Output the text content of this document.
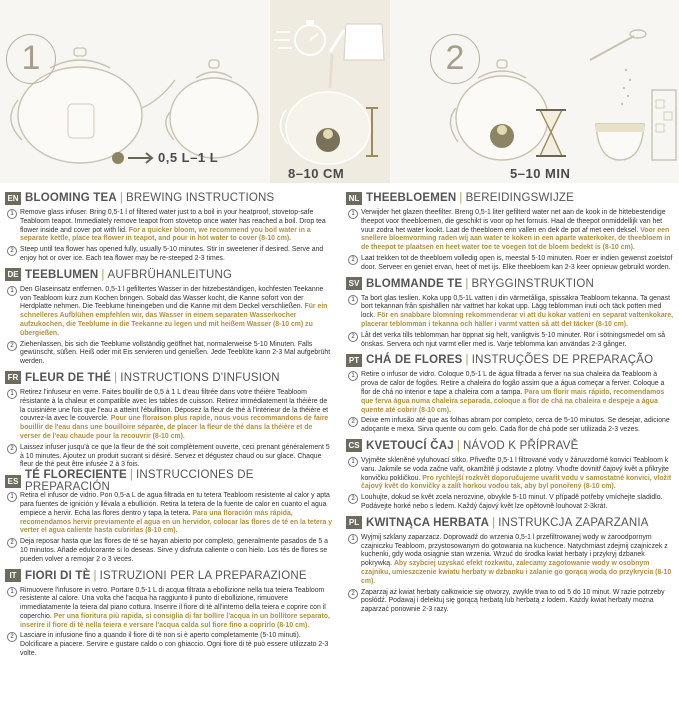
1
0,5 L–1 L
8–10 CM
2
5–10 MIN
EN BLOOMING TEA | BREWING INSTRUCTIONS
1 Remove glass infuser. Bring 0,5-1 l of filtered water just to a boil in your heatproof, stovetop-safe Teabloom teapot. Immediately remove teapot from stovetop once water has reached a boil. Drop tea flower inside and cover pot with lid. For a quicker bloom, we recommend you boil water in a separate kettle, place tea flower in teapot, and pour in hot water to cover (8-10 cm).
2 Steep until tea flower has opened fully, usually 5-10 minutes. Stir in sweetener if desired. Serve and enjoy hot or over ice. Each tea flower may be re-steeped 2-3 times.
DE TEEBLUMEN | AUFBRÜHANLEITUNG
1 Den Glaseinsatz entfernen. 0,5-1 l gefiltertes Wasser in der hitzebeständigen, kochfesten Teekanne von Teabloom kurz zum Kochen bringen. Sobald das Wasser kocht, die Kanne sofort von der Herdplatte nehmen. Die Teeblume hineingeben und die Kanne mit dem Deckel verschließen. Für ein schnelleres Aufblühen empfehlen wir, das Wasser in einem separaten Wasserkocher aufzukochen, die Teeblume in die Teekanne zu legen und mit heißem Wasser (8-10 cm) zu übergießen.
2 Ziehenlassen, bis sich die Teeblume vollständig geöffnet hat, normalerweise 5-10 Minuten. Falls gewünscht, süßen. Heiß oder mit Eis servieren und genießen. Jede Teeblüte kann 2-3 Mal aufgebrüht werden.
FR FLEUR DE THÉ | INSTRUCTIONS D'INFUSION
1 Retirez l'infuseur en verre. Faites bouillir de 0,5 à 1 L d'eau filtrée dans votre théière Teabloom résistante à la chaleur et compatible avec les tables de cuisson. Retirez immédiatement la théière de la cuisinière une fois que l'eau a atteint l'ébullition. Déposez la fleur de thé à l'intérieur de la théière et couvrez-la avec le couvercle. Pour une floraison plus rapide, nous vous recommandons de faire bouillir de l'eau dans une bouilloire séparée, de placer la fleur de thé dans la théière et de verser de l'eau chaude pour la recouvrir (8-10 cm).
2 Laissez infuser jusqu'à ce que la fleur de thé soit complètement ouverte, ceci prenant généralement 5 à 10 minutes. Ajoutez un produit sucrant si désiré. Servez et dégustez chaud ou sur glace. Chaque fleur de thé peut être infusée 2 à 3 fois.
ES TÉ FLORECIENTE | INSTRUCCIONES DE PREPARACIÓN
1 Retira el infusor de vidrio. Pon 0,5-a L de agua filtrada en tu tetera Teabloom resistente al calor y apta para fuentes de ignición y llévala a ebullición. Retira la tetera de la fuente de calor en cuanto el agua empiece a hervir. Echa las flores dentro y tapa la tetera. Para una floración más rápida, recomendamos hervir previamente el agua en un hervidor, colocar las flores de té en la tetera y verter el agua caliente hasta cubrirlas (8-10 cm).
2 Deja reposar hasta que las flores de té se hayan abierto por completo, generalmente pasados de 5 a 10 minutos. Añade edulcorante si lo deseas. Sirve y disfruta caliente o con hielo. Los tés de flores se pueden volver a remojar 2 o 3 veces.
IT FIORI DI TÈ | ISTRUZIONI PER LA PREPARAZIONE
1 Rimuovere l'infusore in vetro. Portare 0,5-1 L di acqua filtrata a ebollizione nella tua teiera Teabloom resistente al calore. Una volta che l'acqua ha raggiunto il punto di ebollizione, rimuovere immediatamente la teiera dal piano cottura. Inserire il fiore di tè all'interno della teiera e coprire con il coperchio. Per una fioritura più rapida, si consiglia di far bollire l'acqua in un bollitore separato, inserire il fiore di tè nella teiera e versare l'acqua calda sul fiore fino a coprirlo (8-10 cm).
2 Lasciare in infusione fino a quando il fiore di tè non si è aperto completamente (5-10 minuti). Dolcificare a piacere. Servire e gustare caldo o con ghiaccio. Ogni fiore di tè può essere utilizzato 2-3 volte.
NL THEEBLOEMEN | BEREIDINGSWIJZE
1 Verwijder het glazen theefilter. Breng 0,5-1 liter gefilterd water net aan de kook in de hittebestendige theepot voor theebloemen, die geschikt is voor op het fornuis. Haal de theepot onmiddellijk van het vuur zodra het water kookt. Laat de theebloem erin vallen en dek de pot af met een deksel. Voor een snellere bloemvorming raden wij aan water te koken in een aparte waterkoker, de theebloem in de theepot te plaatsen en heet water toe te voegen tot de bloem bedekt is (8-10 cm).
2 Laat trekken tot de theebloem volledig open is, meestal 5-10 minuten. Roer er indien gewenst zoetstof door. Serveer en geniet ervan, heet of met ijs. Elke theebloem kan 2-3 keer opnieuw gebruikt worden.
SV BLOMMANDE TE | BRYGGINSTRUKTION
1 Ta bort glas teslien. Koka upp 0,5-1L vatten i din värmetåliga, spissäkra Teabloom tekanna. Ta genast bort tekannan från spishällen när vattnet har kokat upp. Lägg teblomman inuti och täck potten med lock. För en snabbare blomning rekommenderar vi att du kokar vatteni en separat vattenkokare, placerar teblomman i tekanna och häller i varmt vatten så att det täcker (8-10 cm).
2 Låt det verka tills teblomman har öppnat sig helt, vanligtvis 5-10 minuter. Rör i sötningsmedel om så önskas. Servera och njut varmt eller med is. Varje teblomma kan användas 2-3 gånger.
PT CHÁ DE FLORES | INSTRUÇÕES DE PREPARAÇÃO
1 Retire o infusor de vidro. Coloque 0,5-1 L de água filtrada a ferver na sua chaleira da Teabloom à prova de calor de fogões. Retire a chaleira do fogão assim que a água começar a ferver. Coloque a flor de chá no interior e tape a chaleira com a tampa. Para um florir mais rápido, recomendamos que ferva água numa chaleira separada, coloque a flor de chá na chaleira e despeje a água quente até cobrir (8-10 cm).
2 Deixe em infusão até que as folhas abram por completo, cerca de 5-10 minutos. Se desejar, adicione adoçante e mexa. Sirva quente ou com gelo. Cada flor de chá pode ser utilizada 2-3 vezes.
CS KVETOUCÍ ČAJ | NÁVOD K PŘÍPRAVĚ
1 Vyjměte skleněné vyluhovací sítko. Přiveďte 0,5-1 l filtrované vody v žáruvzdorné konvici Teabloom k varu. Jakmile se voda začne vařit, okamžitě ji odstavte z plotny. Vhoďte dovnitř čajový květ a přikryjte konvičku pokličkou. Pro rychlejší rozkvět doporučujeme uvařit vodu v samostatné konvici, vložit čajový květ do konvičky a zalít horkou vodou tak, aby byl ponořený (8-10 cm).
2 Louhujte, dokud se květ zcela nerozvine, obvykle 5-10 minut. V případě potřeby vmíchejte sladidlo. Podávejte horké nebo s ledem. Každý čajový květ lze opětovně louhovat 2-3krát.
PL KWITNĄCA HERBATA | INSTRUKCJA ZAPARZANIA
1 Wyjmij szklany zaparzacz. Doprowadź do wrzenia 0,5-1 l przefiltrowanej wody w żaroodpornym czajniczku Teabloom, przystosowanym do gotowania na kuchence. Natychmiast zdejmij czajniczek z kuchenki, gdy woda osiągnie stan wrzenia. Wrzuć do środka kwiat herbaty i przykryj dzbanek pokrywką. Aby szybciej uzyskać efekt rozkwitu, zalecamy zagotowanie wody w osobnym czajniku, umieszczenie kwiatu herbaty w dzbanku i zalanie go gorącą wodą do przykrycia (8-10 cm).
2 Zaparzaj aż kwiat herbaty całkowicie się otworzy, zwykle trwa to od 5 do 10 minut. W razie potrzeby posłódź. Podawaj i delektuj się gorącą herbatą lub herbatą z lodem. Każdy kwiat herbaty można zaparzać ponownie 2-3 razy.
